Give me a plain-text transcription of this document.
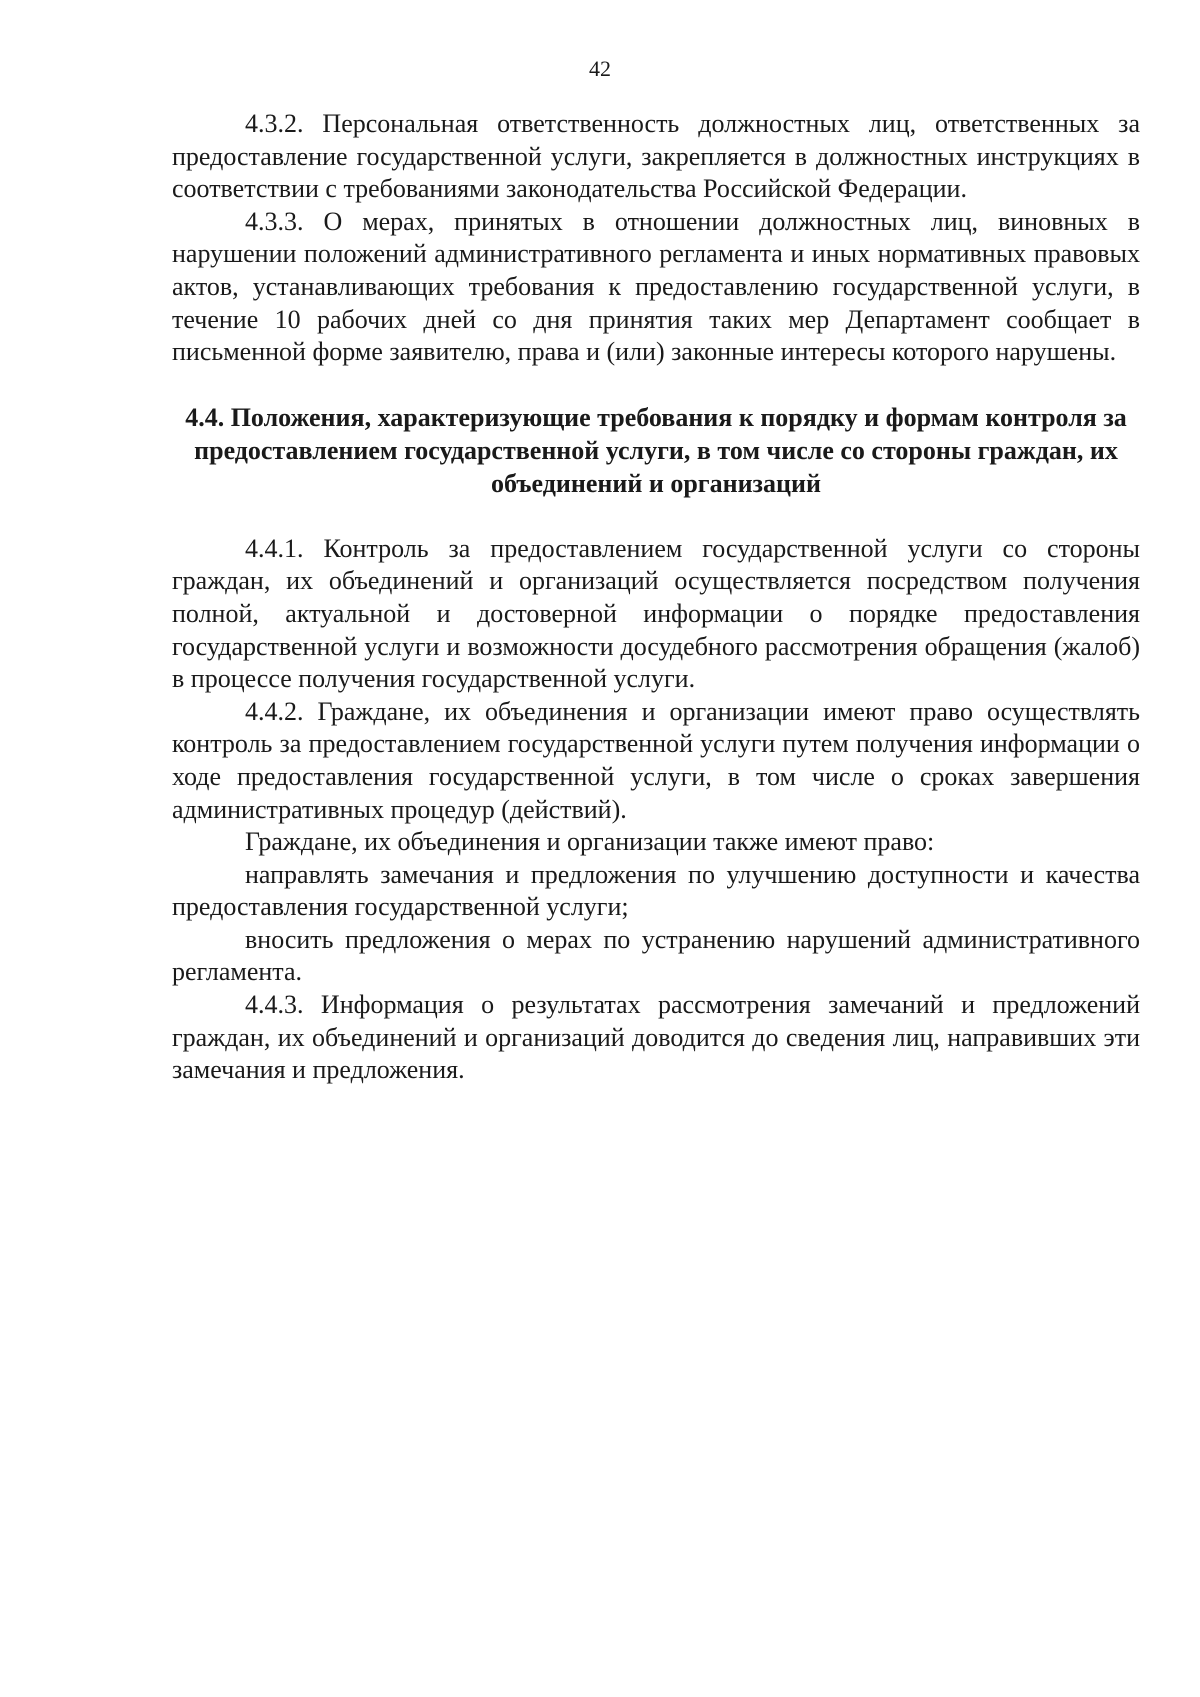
42

4.3.2. Персональная ответственность должностных лиц, ответственных за предоставление государственной услуги, закрепляется в должностных инструкциях в соответствии с требованиями законодательства Российской Федерации.

4.3.3. О мерах, принятых в отношении должностных лиц, виновных в нарушении положений административного регламента и иных нормативных правовых актов, устанавливающих требования к предоставлению государственной услуги, в течение 10 рабочих дней со дня принятия таких мер Департамент сообщает в письменной форме заявителю, права и (или) законные интересы которого нарушены.

4.4. Положения, характеризующие требования к порядку и формам контроля за предоставлением государственной услуги, в том числе со стороны граждан, их объединений и организаций

4.4.1. Контроль за предоставлением государственной услуги со стороны граждан, их объединений и организаций осуществляется посредством получения полной, актуальной и достоверной информации о порядке предоставления государственной услуги и возможности досудебного рассмотрения обращения (жалоб) в процессе получения государственной услуги.

4.4.2. Граждане, их объединения и организации имеют право осуществлять контроль за предоставлением государственной услуги путем получения информации о ходе предоставления государственной услуги, в том числе о сроках завершения административных процедур (действий).

Граждане, их объединения и организации также имеют право:

направлять замечания и предложения по улучшению доступности и качества предоставления государственной услуги;

вносить предложения о мерах по устранению нарушений административного регламента.

4.4.3. Информация о результатах рассмотрения замечаний и предложений граждан, их объединений и организаций доводится до сведения лиц, направивших эти замечания и предложения.
